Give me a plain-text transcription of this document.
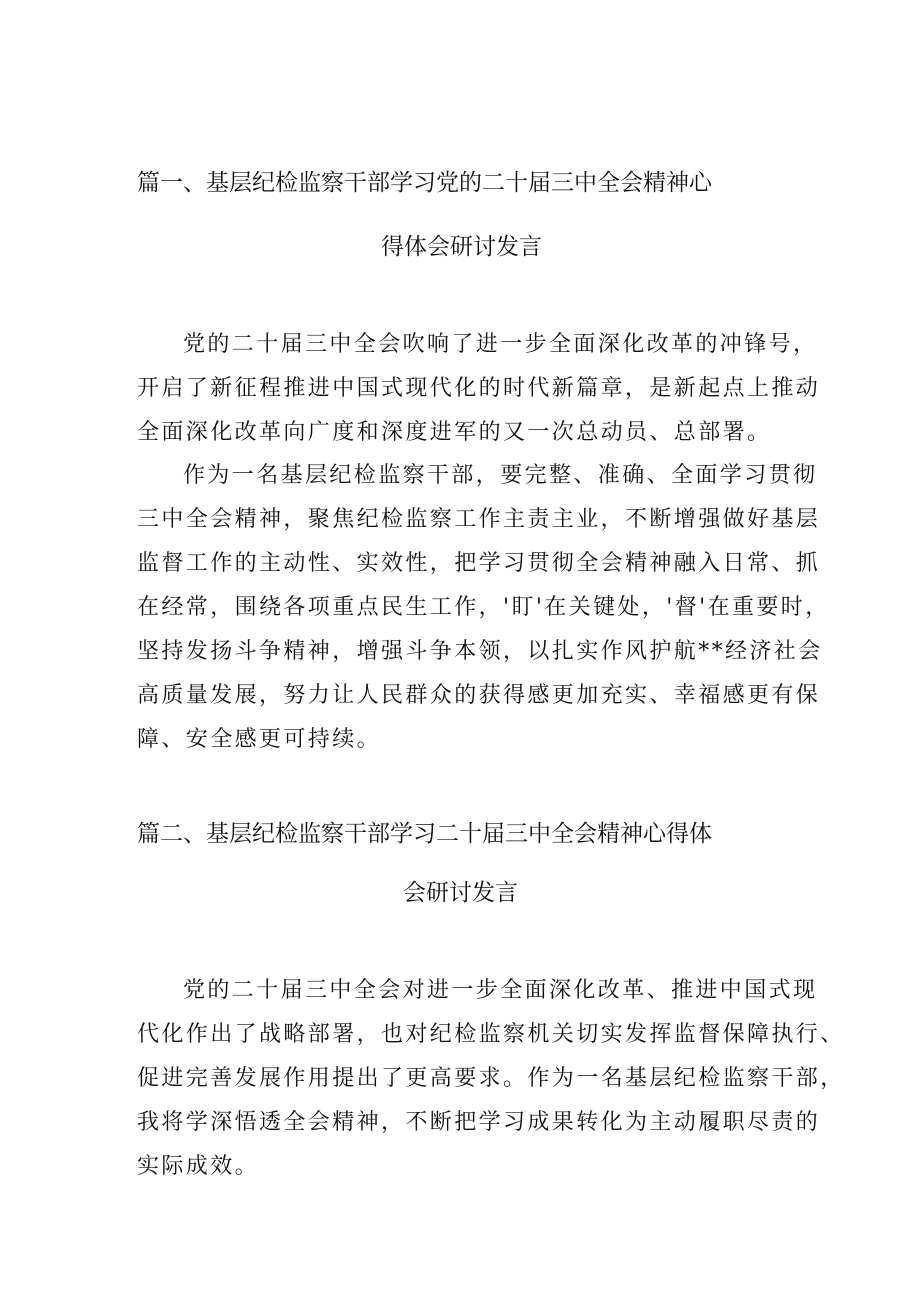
篇一、基层纪检监察干部学习党的二十届三中全会精神心
得体会研讨发言
党的二十届三中全会吹响了进一步全面深化改革的冲锋号，
开启了新征程推进中国式现代化的时代新篇章，是新起点上推动
全面深化改革向广度和深度进军的又一次总动员、总部署。
作为一名基层纪检监察干部，要完整、准确、全面学习贯彻
三中全会精神，聚焦纪检监察工作主责主业，不断增强做好基层
监督工作的主动性、实效性，把学习贯彻全会精神融入日常、抓
在经常，围绕各项重点民生工作，'盯'在关键处，'督'在重要时，
坚持发扬斗争精神，增强斗争本领，以扎实作风护航**经济社会
高质量发展，努力让人民群众的获得感更加充实、幸福感更有保
障、安全感更可持续。
篇二、基层纪检监察干部学习二十届三中全会精神心得体
会研讨发言
党的二十届三中全会对进一步全面深化改革、推进中国式现
代化作出了战略部署，也对纪检监察机关切实发挥监督保障执行、
促进完善发展作用提出了更高要求。作为一名基层纪检监察干部，
我将学深悟透全会精神，不断把学习成果转化为主动履职尽责的
实际成效。
